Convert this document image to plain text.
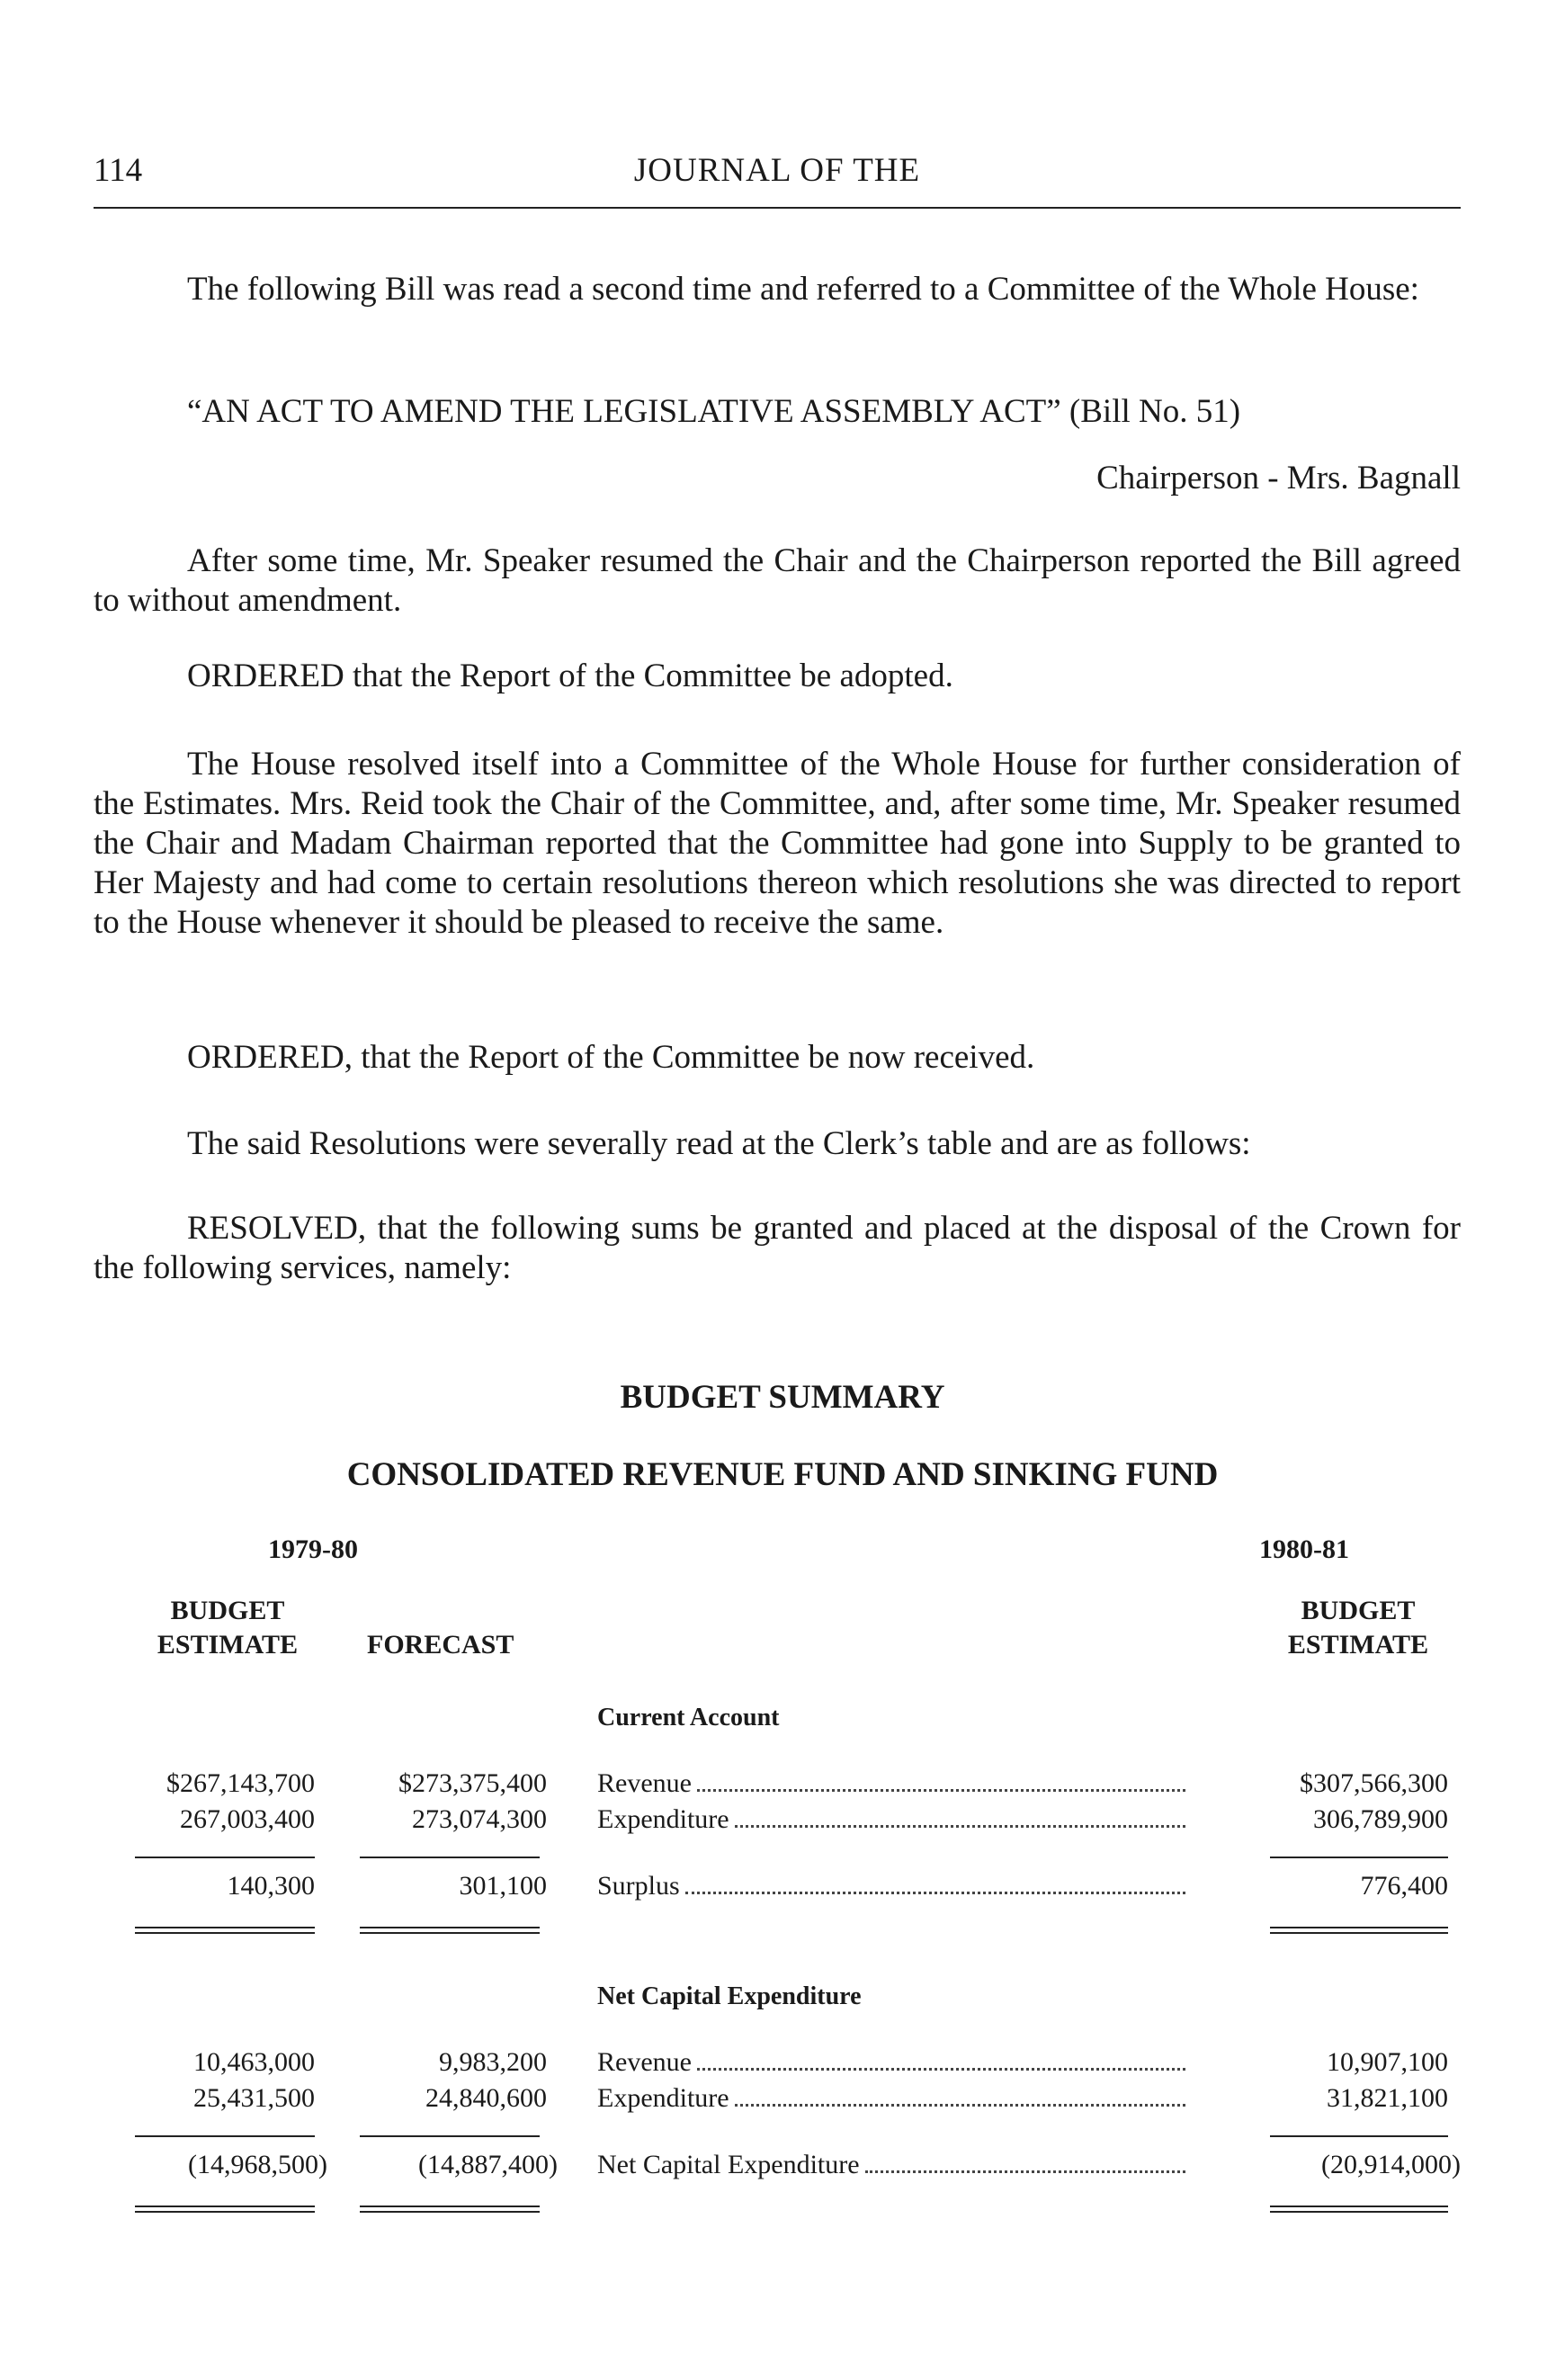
114	JOURNAL OF THE

The following Bill was read a second time and referred to a Committee of the Whole House:

“AN ACT TO AMEND THE LEGISLATIVE ASSEMBLY ACT” (Bill No. 51)
Chairperson - Mrs. Bagnall

After some time, Mr. Speaker resumed the Chair and the Chairperson reported the Bill agreed to without amendment.

ORDERED that the Report of the Committee be adopted.

The House resolved itself into a Committee of the Whole House for further consideration of the Estimates. Mrs. Reid took the Chair of the Committee, and, after some time, Mr. Speaker resumed the Chair and Madam Chairman reported that the Committee had gone into Supply to be granted to Her Majesty and had come to certain resolutions thereon which resolutions she was directed to report to the House whenever it should be pleased to receive the same.

ORDERED, that the Report of the Committee be now received.

The said Resolutions were severally read at the Clerk’s table and are as follows:

RESOLVED, that the following sums be granted and placed at the disposal of the Crown for the following services, namely:

BUDGET SUMMARY
CONSOLIDATED REVENUE FUND AND SINKING FUND
1979-80	1980-81
BUDGET
ESTIMATE	FORECAST
BUDGET
ESTIMATE
Current Account
$267,143,700	$273,375,400 Revenue	$307,566,300
267,003,400	273,074,300 Expenditure	306,789,900
140,300	301,100 Surplus	776,400
Net Capital Expenditure
10,463,000	9,983,200 Revenue	10,907,100
25,431,500	24,840,600 Expenditure	31,821,100
(14,968,500)	(14,887,400) Net Capital Expenditure	(20,914,000)
